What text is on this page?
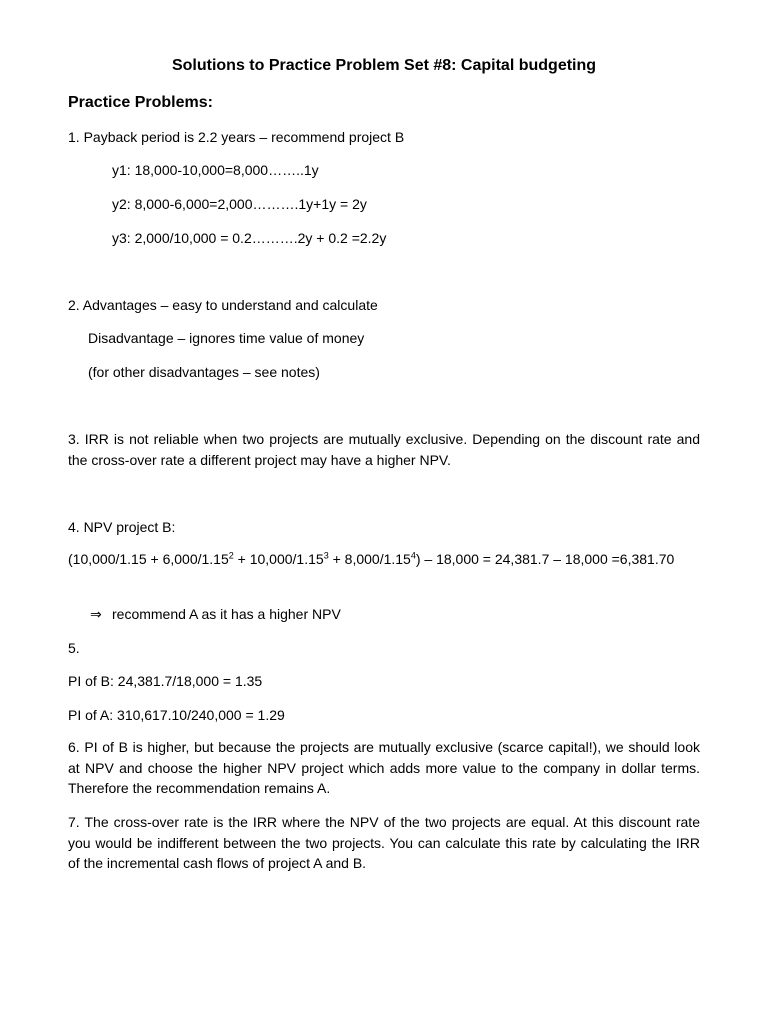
Solutions to Practice Problem Set #8: Capital budgeting
Practice Problems:
1. Payback period is 2.2 years – recommend project B
y1: 18,000-10,000=8,000……..1y
y2: 8,000-6,000=2,000……….1y+1y = 2y
y3: 2,000/10,000 = 0.2……….2y + 0.2 =2.2y
2. Advantages – easy to understand and calculate
Disadvantage – ignores time value of money
(for other disadvantages – see notes)
3. IRR is not reliable when two projects are mutually exclusive. Depending on the discount rate and the cross-over rate a different project may have a higher NPV.
4. NPV project B:
$(10,000/1.15 + 6,000/1.15^2 + 10,000/1.15^3 + 8,000/1.15^4) - 18,000 = 24,381.7 - 18,000 =6,381.70$
⇒ recommend A as it has a higher NPV
5.
PI of B: 24,381.7/18,000 = 1.35
PI of A: 310,617.10/240,000 = 1.29
6. PI of B is higher, but because the projects are mutually exclusive (scarce capital!), we should look at NPV and choose the higher NPV project which adds more value to the company in dollar terms. Therefore the recommendation remains A.
7. The cross-over rate is the IRR where the NPV of the two projects are equal. At this discount rate you would be indifferent between the two projects. You can calculate this rate by calculating the IRR of the incremental cash flows of project A and B.
